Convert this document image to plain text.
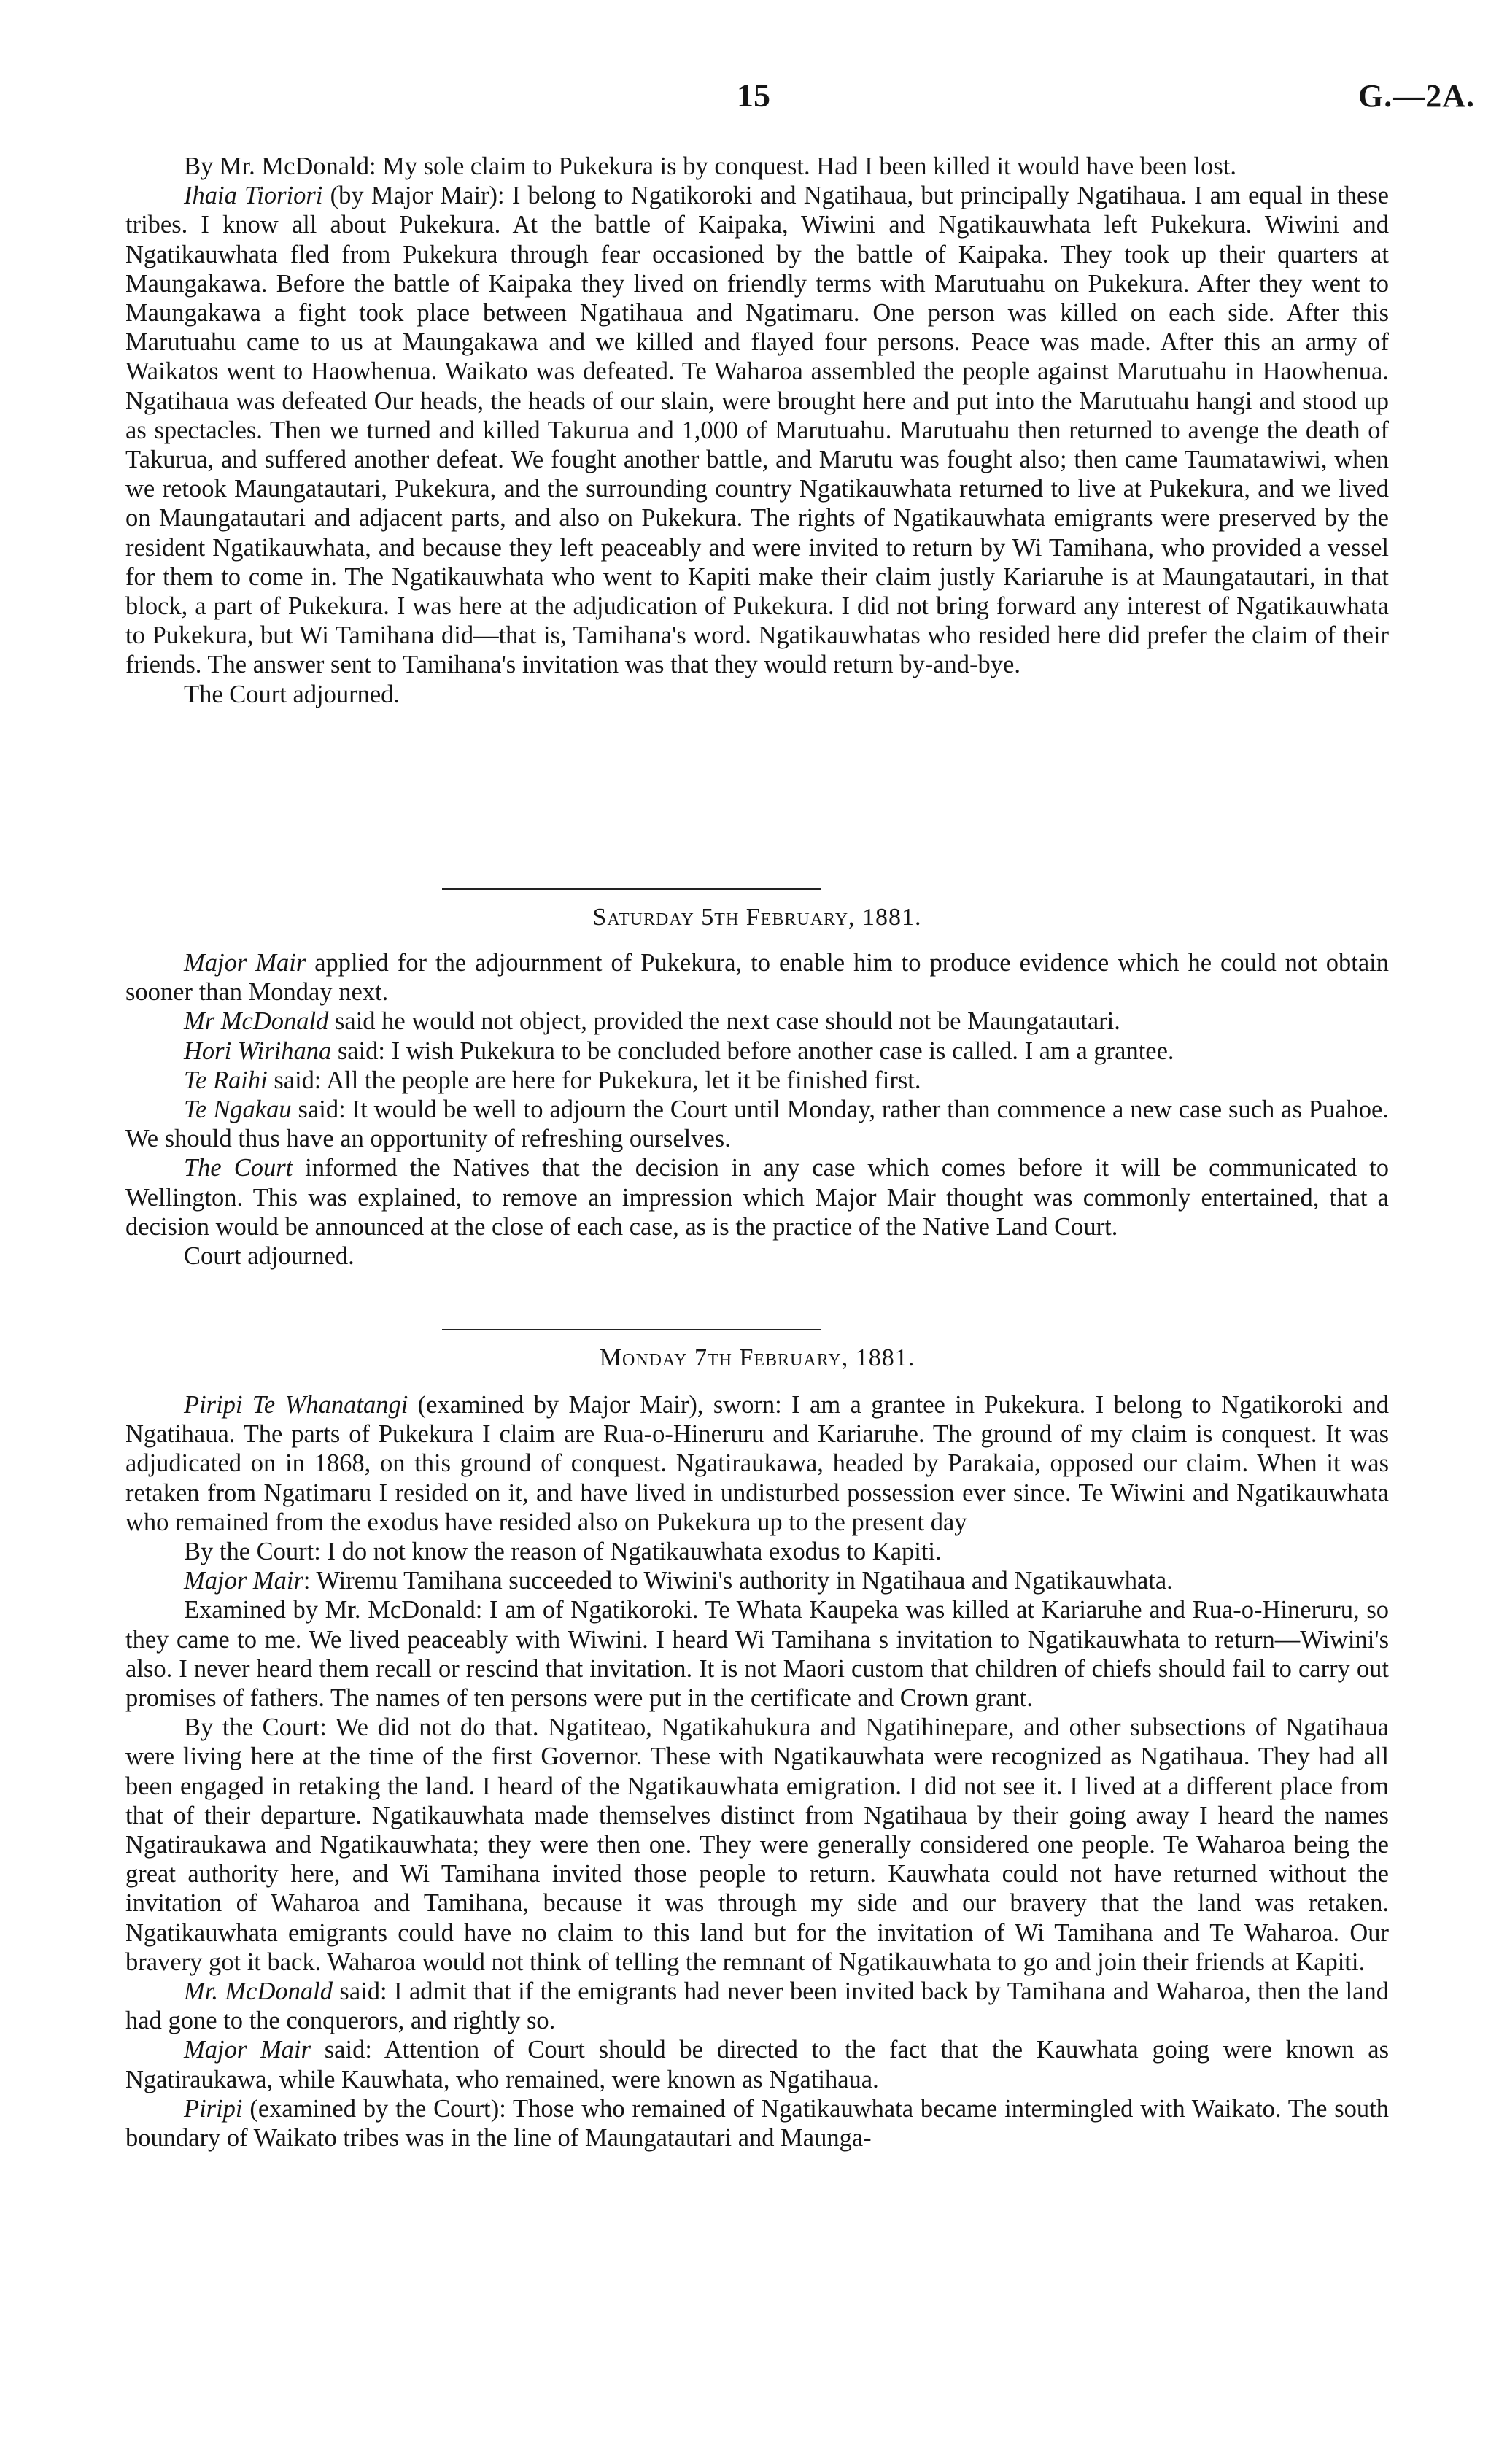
15	G.—2A.

By Mr. McDonald: My sole claim to Pukekura is by conquest. Had I been killed it would have been lost.

Ihaia Tioriori (by Major Mair): I belong to Ngatikoroki and Ngatihaua, but principally Ngatihaua. I am equal in these tribes. I know all about Pukekura. At the battle of Kaipaka, Wiwini and Ngatikauwhata left Pukekura. Wiwini and Ngatikauwhata fled from Pukekura through fear occasioned by the battle of Kaipaka. They took up their quarters at Maungakawa. Before the battle of Kaipaka they lived on friendly terms with Marutuahu on Pukekura. After they went to Maungakawa a fight took place between Ngatihaua and Ngatimaru. One person was killed on each side. After this Marutuahu came to us at Maungakawa and we killed and flayed four persons. Peace was made. After this an army of Waikatos went to Haowhenua. Waikato was defeated. Te Waharoa assembled the people against Marutuahu in Haowhenua. Ngatihaua was defeated Our heads, the heads of our slain, were brought here and put into the Marutuahu hangi and stood up as spectacles. Then we turned and killed Takurua and 1,000 of Marutuahu. Marutuahu then returned to avenge the death of Takurua, and suffered another defeat. We fought another battle, and Marutu was fought also; then came Taumatawiwi, when we retook Maungatautari, Pukekura, and the surrounding country Ngatikauwhata returned to live at Pukekura, and we lived on Maungatautari and adjacent parts, and also on Pukekura. The rights of Ngatikauwhata emigrants were preserved by the resident Ngatikauwhata, and because they left peaceably and were invited to return by Wi Tamihana, who provided a vessel for them to come in. The Ngatikauwhata who went to Kapiti make their claim justly Kariaruhe is at Maungatautari, in that block, a part of Pukekura. I was here at the adjudication of Pukekura. I did not bring forward any interest of Ngatikauwhata to Pukekura, but Wi Tamihana did—that is, Tamihana's word. Ngatikauwhatas who resided here did prefer the claim of their friends. The answer sent to Tamihana's invitation was that they would return by-and-bye.

The Court adjourned.

Saturday 5th February, 1881.

Major Mair applied for the adjournment of Pukekura, to enable him to produce evidence which he could not obtain sooner than Monday next.

Mr McDonald said he would not object, provided the next case should not be Maungatautari.

Hori Wirihana said: I wish Pukekura to be concluded before another case is called. I am a grantee.

Te Raihi said: All the people are here for Pukekura, let it be finished first.

Te Ngakau said: It would be well to adjourn the Court until Monday, rather than commence a new case such as Puahoe. We should thus have an opportunity of refreshing ourselves.

The Court informed the Natives that the decision in any case which comes before it will be communicated to Wellington. This was explained, to remove an impression which Major Mair thought was commonly entertained, that a decision would be announced at the close of each case, as is the practice of the Native Land Court.

Court adjourned.

Monday 7th February, 1881.

Piripi Te Whanatangi (examined by Major Mair), sworn: I am a grantee in Pukekura. I belong to Ngatikoroki and Ngatihaua. The parts of Pukekura I claim are Rua-o-Hineruru and Kariaruhe. The ground of my claim is conquest. It was adjudicated on in 1868, on this ground of conquest. Ngatiraukawa, headed by Parakaia, opposed our claim. When it was retaken from Ngatimaru I resided on it, and have lived in undisturbed possession ever since. Te Wiwini and Ngatikauwhata who remained from the exodus have resided also on Pukekura up to the present day

By the Court: I do not know the reason of Ngatikauwhata exodus to Kapiti.

Major Mair: Wiremu Tamihana succeeded to Wiwini's authority in Ngatihaua and Ngatikauwhata.

Examined by Mr. McDonald: I am of Ngatikoroki. Te Whata Kaupeka was killed at Kariaruhe and Rua-o-Hineruru, so they came to me. We lived peaceably with Wiwini. I heard Wi Tamihana s invitation to Ngatikauwhata to return—Wiwini's also. I never heard them recall or rescind that invitation. It is not Maori custom that children of chiefs should fail to carry out promises of fathers. The names of ten persons were put in the certificate and Crown grant.

By the Court: We did not do that. Ngatiteao, Ngatikahukura and Ngatihinepare, and other subsections of Ngatihaua were living here at the time of the first Governor. These with Ngatikauwhata were recognized as Ngatihaua. They had all been engaged in retaking the land. I heard of the Ngatikauwhata emigration. I did not see it. I lived at a different place from that of their departure. Ngatikauwhata made themselves distinct from Ngatihaua by their going away I heard the names Ngatiraukawa and Ngatikauwhata; they were then one. They were generally considered one people. Te Waharoa being the great authority here, and Wi Tamihana invited those people to return. Kauwhata could not have returned without the invitation of Waharoa and Tamihana, because it was through my side and our bravery that the land was retaken. Ngatikauwhata emigrants could have no claim to this land but for the invitation of Wi Tamihana and Te Waharoa. Our bravery got it back. Waharoa would not think of telling the remnant of Ngatikauwhata to go and join their friends at Kapiti.

Mr. McDonald said: I admit that if the emigrants had never been invited back by Tamihana and Waharoa, then the land had gone to the conquerors, and rightly so.

Major Mair said: Attention of Court should be directed to the fact that the Kauwhata going were known as Ngatiraukawa, while Kauwhata, who remained, were known as Ngatihaua.

Piripi (examined by the Court): Those who remained of Ngatikauwhata became intermingled with Waikato. The south boundary of Waikato tribes was in the line of Maungatautari and Maunga-
